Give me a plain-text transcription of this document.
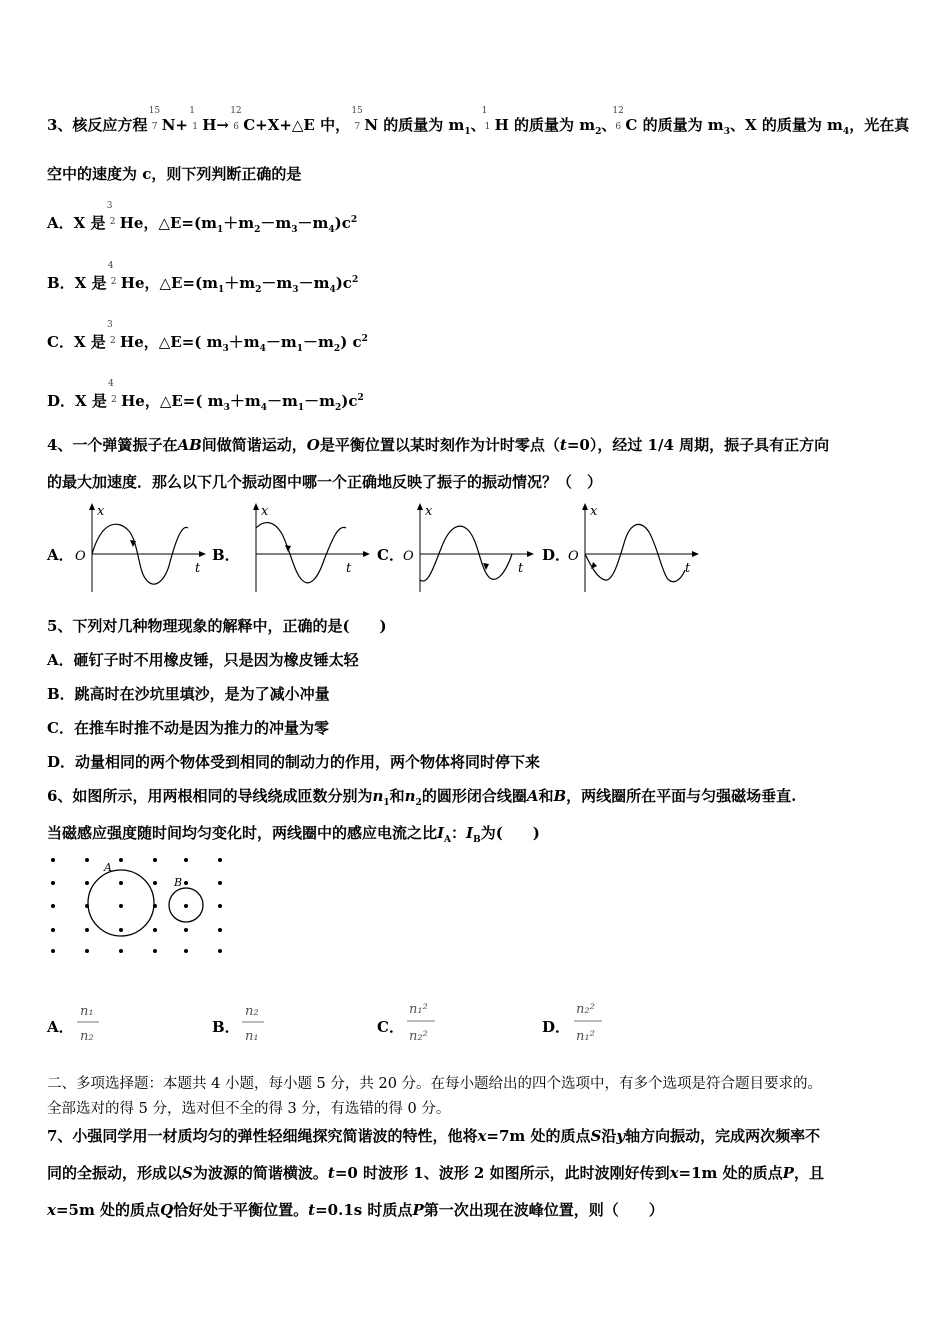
3、核反应方程
15
7 N+
1
1 H→
12
6 C+X+△E 中，
15
7 N 的质量为 $m_1$、
1
1 H 的质量为 $m_2$、
12
6 C 的质量为 $m_3$、X 的质量为 $m_4$，光在真
空中的速度为 c，则下列判断正确的是
A．X 是
3
2 He，$\triangle E=(m_1+m_2-m_3-m_4)c^2$
B．X 是
4
2 He，$\triangle E=(m_1+m_2-m_3-m_4)c^2$
C．X 是
3
2 He，△E=( $m_3+m_4-m_1-m_2$) $c^2$
D．X 是
4
2 He，△E=( $m_3+m_4-m_1-m_2)c^2$
4、一个弹簧振子在AB间做简谐运动，O是平衡位置以某时刻作为计时零点（t=0），经过 1/4 周期，振子具有正方向
的最大加速度．那么以下几个振动图中哪一个正确地反映了振子的振动情况？（　）
A．	B．	C．	D．
x
t
O
x
t
x
t
O
x
t
O
5、下列对几种物理现象的解释中，正确的是(　　)
A．砸钉子时不用橡皮锤，只是因为橡皮锤太轻
B．跳高时在沙坑里填沙，是为了减小冲量
C．在推车时推不动是因为推力的冲量为零
D．动量相同的两个物体受到相同的制动力的作用，两个物体将同时停下来
6、如图所示，用两根相同的导线绕成匝数分别为$n_1$和$n_2$的圆形闭合线圈A和B，两线圈所在平面与匀强磁场垂直.
当磁感应强度随时间均匀变化时，两线圈中的感应电流之比$I_A$：$I_B$为(　　)
A
B
A．
n₁
n₂
B．
n₂
n₁
C．
n₁²
n₂²
D．
n₂²
n₁²
二、多项选择题：本题共 4 小题，每小题 5 分，共 20 分。在每小题给出的四个选项中，有多个选项是符合题目要求的。
全部选对的得 5 分，选对但不全的得 3 分，有选错的得 0 分。
7、小强同学用一材质均匀的弹性轻细绳探究简谐波的特性，他将x=7m 处的质点S沿y轴方向振动，完成两次频率不
同的全振动，形成以S为波源的简谐横波。t=0 时波形 1、波形 2 如图所示，此时波刚好传到x=1m 处的质点P，且
x=5m 处的质点Q恰好处于平衡位置。t=0.1s 时质点P第一次出现在波峰位置，则（　　）
